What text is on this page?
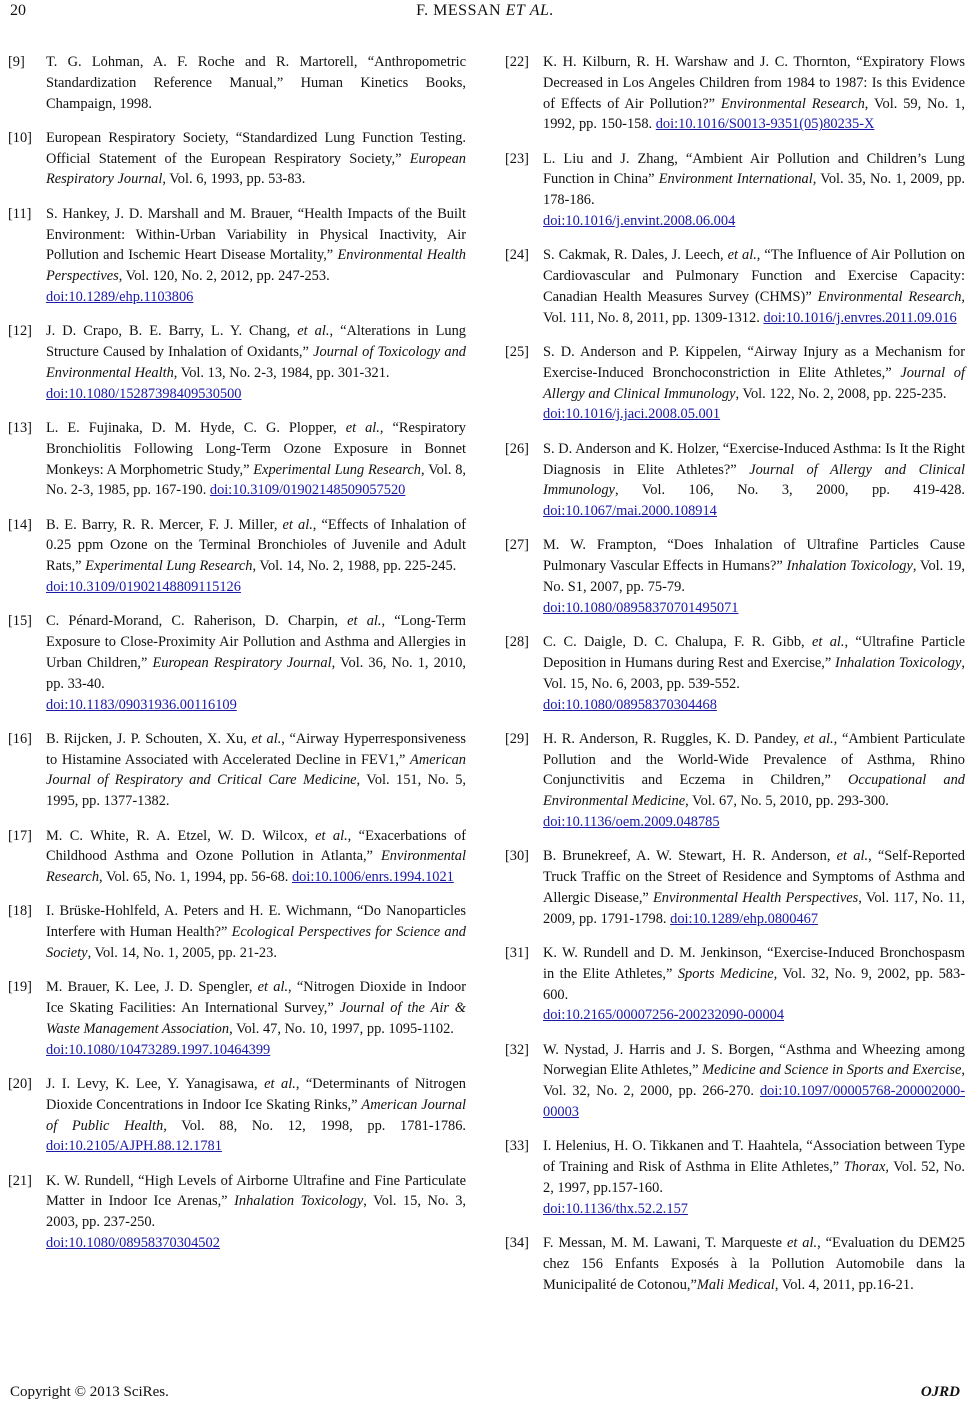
20	F. MESSAN ET AL.
[9] T. G. Lohman, A. F. Roche and R. Martorell, “Anthropometric Standardization Reference Manual,” Human Kinetics Books, Champaign, 1998.
[10] European Respiratory Society, “Standardized Lung Function Testing. Official Statement of the European Respiratory Society,” European Respiratory Journal, Vol. 6, 1993, pp. 53-83.
[11] S. Hankey, J. D. Marshall and M. Brauer, “Health Impacts of the Built Environment: Within-Urban Variability in Physical Inactivity, Air Pollution and Ischemic Heart Disease Mortality,” Environmental Health Perspectives, Vol. 120, No. 2, 2012, pp. 247-253.
doi:10.1289/ehp.1103806
[12] J. D. Crapo, B. E. Barry, L. Y. Chang, et al., “Alterations in Lung Structure Caused by Inhalation of Oxidants,” Journal of Toxicology and Environmental Health, Vol. 13, No. 2-3, 1984, pp. 301-321.
doi:10.1080/15287398409530500
[13] L. E. Fujinaka, D. M. Hyde, C. G. Plopper, et al., “Respiratory Bronchiolitis Following Long-Term Ozone Exposure in Bonnet Monkeys: A Morphometric Study,” Experimental Lung Research, Vol. 8, No. 2-3, 1985, pp. 167-190. doi:10.3109/01902148509057520
[14] B. E. Barry, R. R. Mercer, F. J. Miller, et al., “Effects of Inhalation of 0.25 ppm Ozone on the Terminal Bronchioles of Juvenile and Adult Rats,” Experimental Lung Research, Vol. 14, No. 2, 1988, pp. 225-245.
doi:10.3109/01902148809115126
[15] C. Pénard-Morand, C. Raherison, D. Charpin, et al., “Long-Term Exposure to Close-Proximity Air Pollution and Asthma and Allergies in Urban Children,” European Respiratory Journal, Vol. 36, No. 1, 2010, pp. 33-40.
doi:10.1183/09031936.00116109
[16] B. Rijcken, J. P. Schouten, X. Xu, et al., “Airway Hyperresponsiveness to Histamine Associated with Accelerated Decline in FEV1,” American Journal of Respiratory and Critical Care Medicine, Vol. 151, No. 5, 1995, pp. 1377-1382.
[17] M. C. White, R. A. Etzel, W. D. Wilcox, et al., “Exacerbations of Childhood Asthma and Ozone Pollution in Atlanta,” Environmental Research, Vol. 65, No. 1, 1994, pp. 56-68. doi:10.1006/enrs.1994.1021
[18] I. Brüske-Hohlfeld, A. Peters and H. E. Wichmann, “Do Nanoparticles Interfere with Human Health?” Ecological Perspectives for Science and Society, Vol. 14, No. 1, 2005, pp. 21-23.
[19] M. Brauer, K. Lee, J. D. Spengler, et al., “Nitrogen Dioxide in Indoor Ice Skating Facilities: An International Survey,” Journal of the Air & Waste Management Association, Vol. 47, No. 10, 1997, pp. 1095-1102.
doi:10.1080/10473289.1997.10464399
[20] J. I. Levy, K. Lee, Y. Yanagisawa, et al., “Determinants of Nitrogen Dioxide Concentrations in Indoor Ice Skating Rinks,” American Journal of Public Health, Vol. 88, No. 12, 1998, pp. 1781-1786. doi:10.2105/AJPH.88.12.1781
[21] K. W. Rundell, “High Levels of Airborne Ultrafine and Fine Particulate Matter in Indoor Ice Arenas,” Inhalation Toxicology, Vol. 15, No. 3, 2003, pp. 237-250.
doi:10.1080/08958370304502
[22] K. H. Kilburn, R. H. Warshaw and J. C. Thornton, “Expiratory Flows Decreased in Los Angeles Children from 1984 to 1987: Is this Evidence of Effects of Air Pollution?” Environmental Research, Vol. 59, No. 1, 1992, pp. 150-158. doi:10.1016/S0013-9351(05)80235-X
[23] L. Liu and J. Zhang, “Ambient Air Pollution and Children’s Lung Function in China” Environment International, Vol. 35, No. 1, 2009, pp. 178-186.
doi:10.1016/j.envint.2008.06.004
[24] S. Cakmak, R. Dales, J. Leech, et al., “The Influence of Air Pollution on Cardiovascular and Pulmonary Function and Exercise Capacity: Canadian Health Measures Survey (CHMS)” Environmental Research, Vol. 111, No. 8, 2011, pp. 1309-1312. doi:10.1016/j.envres.2011.09.016
[25] S. D. Anderson and P. Kippelen, “Airway Injury as a Mechanism for Exercise-Induced Bronchoconstriction in Elite Athletes,” Journal of Allergy and Clinical Immunology, Vol. 122, No. 2, 2008, pp. 225-235.
doi:10.1016/j.jaci.2008.05.001
[26] S. D. Anderson and K. Holzer, “Exercise-Induced Asthma: Is It the Right Diagnosis in Elite Athletes?” Journal of Allergy and Clinical Immunology, Vol. 106, No. 3, 2000, pp. 419-428. doi:10.1067/mai.2000.108914
[27] M. W. Frampton, “Does Inhalation of Ultrafine Particles Cause Pulmonary Vascular Effects in Humans?” Inhalation Toxicology, Vol. 19, No. S1, 2007, pp. 75-79.
doi:10.1080/08958370701495071
[28] C. C. Daigle, D. C. Chalupa, F. R. Gibb, et al., “Ultrafine Particle Deposition in Humans during Rest and Exercise,” Inhalation Toxicology, Vol. 15, No. 6, 2003, pp. 539-552.
doi:10.1080/08958370304468
[29] H. R. Anderson, R. Ruggles, K. D. Pandey, et al., “Ambient Particulate Pollution and the World-Wide Prevalence of Asthma, Rhino Conjunctivitis and Eczema in Children,” Occupational and Environmental Medicine, Vol. 67, No. 5, 2010, pp. 293-300.
doi:10.1136/oem.2009.048785
[30] B. Brunekreef, A. W. Stewart, H. R. Anderson, et al., “Self-Reported Truck Traffic on the Street of Residence and Symptoms of Asthma and Allergic Disease,” Environmental Health Perspectives, Vol. 117, No. 11, 2009, pp. 1791-1798. doi:10.1289/ehp.0800467
[31] K. W. Rundell and D. M. Jenkinson, “Exercise-Induced Bronchospasm in the Elite Athletes,” Sports Medicine, Vol. 32, No. 9, 2002, pp. 583-600.
doi:10.2165/00007256-200232090-00004
[32] W. Nystad, J. Harris and J. S. Borgen, “Asthma and Wheezing among Norwegian Elite Athletes,” Medicine and Science in Sports and Exercise, Vol. 32, No. 2, 2000, pp. 266-270. doi:10.1097/00005768-200002000-00003
[33] I. Helenius, H. O. Tikkanen and T. Haahtela, “Association between Type of Training and Risk of Asthma in Elite Athletes,” Thorax, Vol. 52, No. 2, 1997, pp.157-160.
doi:10.1136/thx.52.2.157
[34] F. Messan, M. M. Lawani, T. Marqueste et al., “Evaluation du DEM25 chez 156 Enfants Exposés à la Pollution Automobile dans la Municipalité de Cotonou,”Mali Medical, Vol. 4, 2011, pp.16-21.
Copyright © 2013 SciRes.	OJRD
